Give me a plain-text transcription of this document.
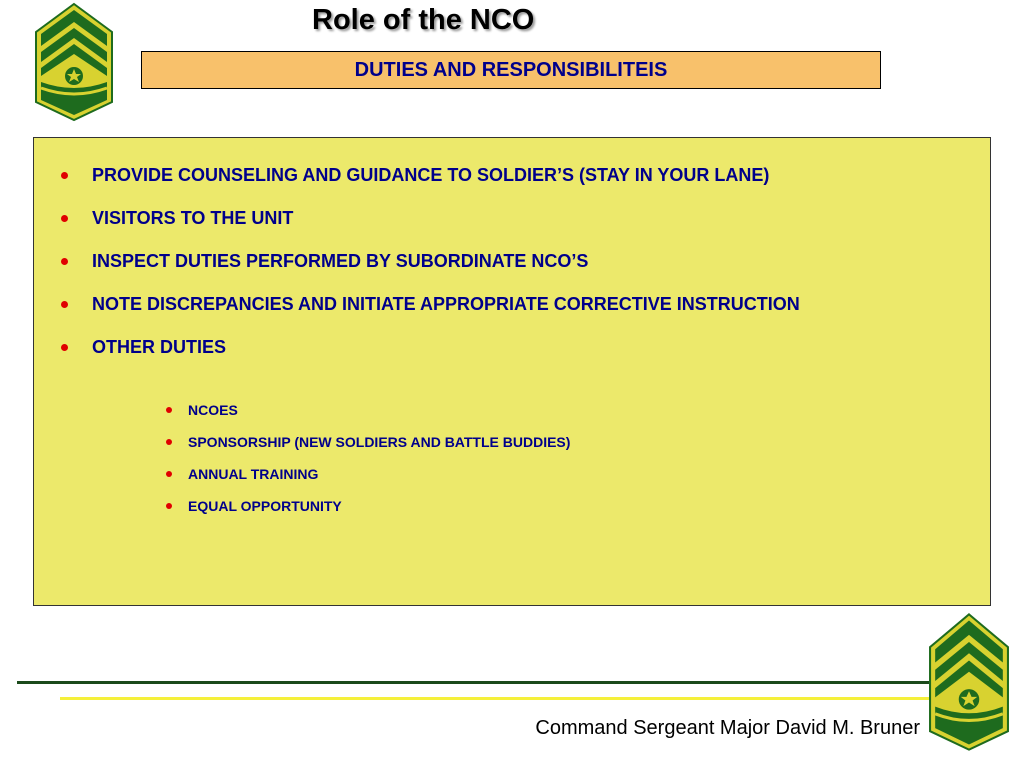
Role of the NCO
DUTIES AND RESPONSIBILITEIS
PROVIDE COUNSELING AND GUIDANCE TO SOLDIER’S (STAY IN YOUR LANE)
VISITORS TO THE UNIT
INSPECT DUTIES PERFORMED BY SUBORDINATE NCO’S
NOTE DISCREPANCIES AND INITIATE APPROPRIATE CORRECTIVE INSTRUCTION
OTHER DUTIES
NCOES
SPONSORSHIP (NEW SOLDIERS AND BATTLE BUDDIES)
ANNUAL TRAINING
EQUAL OPPORTUNITY
Command Sergeant Major David M. Bruner
